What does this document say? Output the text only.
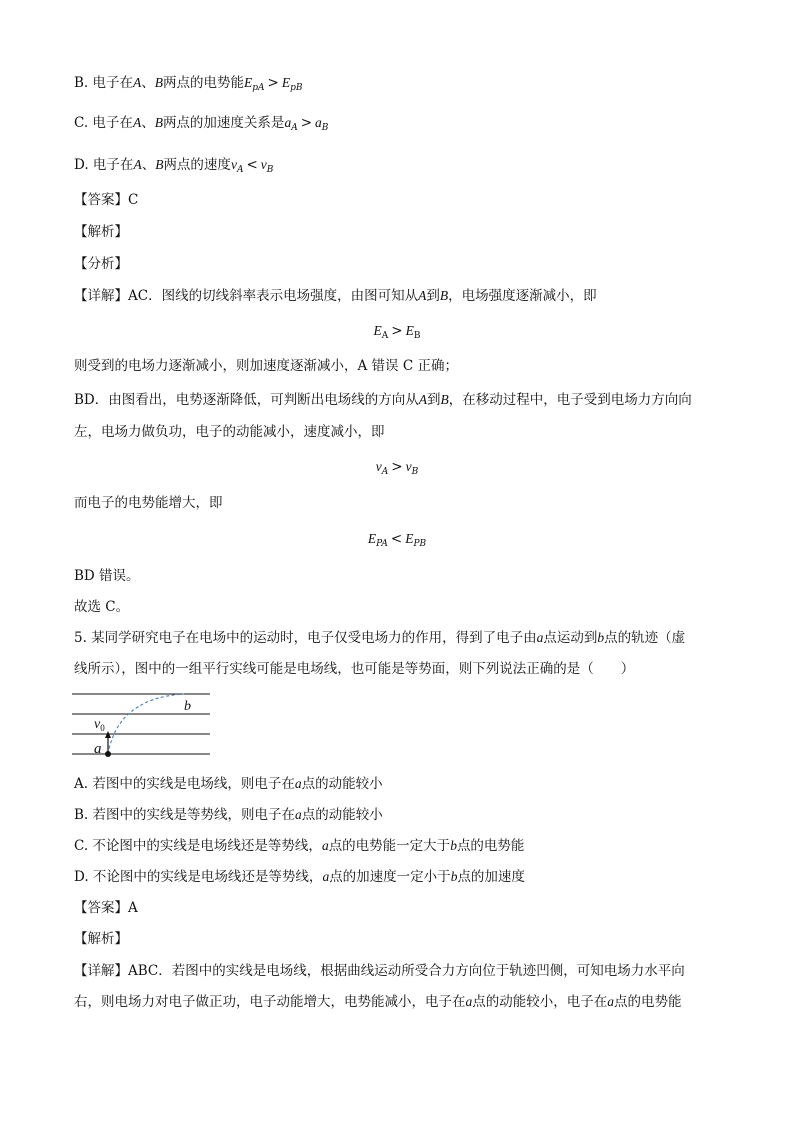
B. 电子在A、B两点的电势能$E_{pA} > E_{pB}$
C. 电子在A、B两点的加速度关系是$a_A > a_B$
D. 电子在A、B两点的速度$v_A < v_B$
【答案】C
【解析】
【分析】
【详解】AC．图线的切线斜率表示电场强度，由图可知从A到B，电场强度逐渐减小，即
$E_A > E_B$
则受到的电场力逐渐减小，则加速度逐渐减小，A 错误 C 正确；
BD．由图看出，电势逐渐降低，可判断出电场线的方向从A到B，在移动过程中，电子受到电场力方向向
左，电场力做负功，电子的动能减小，速度减小，即
$v_A > v_B$
而电子的电势能增大，即
$E_{PA} < E_{PB}$
BD 错误。
故选 C。
5. 某同学研究电子在电场中的运动时，电子仅受电场力的作用，得到了电子由a点运动到b点的轨迹（虚
线所示），图中的一组平行实线可能是电场线，也可能是等势面，则下列说法正确的是（　　）
b
$v_0$
a
A. 若图中的实线是电场线，则电子在a点的动能较小
B. 若图中的实线是等势线，则电子在a点的动能较小
C. 不论图中的实线是电场线还是等势线，a点的电势能一定大于b点的电势能
D. 不论图中的实线是电场线还是等势线，a点的加速度一定小于b点的加速度
【答案】A
【解析】
【详解】ABC．若图中的实线是电场线，根据曲线运动所受合力方向位于轨迹凹侧，可知电场力水平向
右，则电场力对电子做正功，电子动能增大，电势能减小，电子在a点的动能较小，电子在a点的电势能
